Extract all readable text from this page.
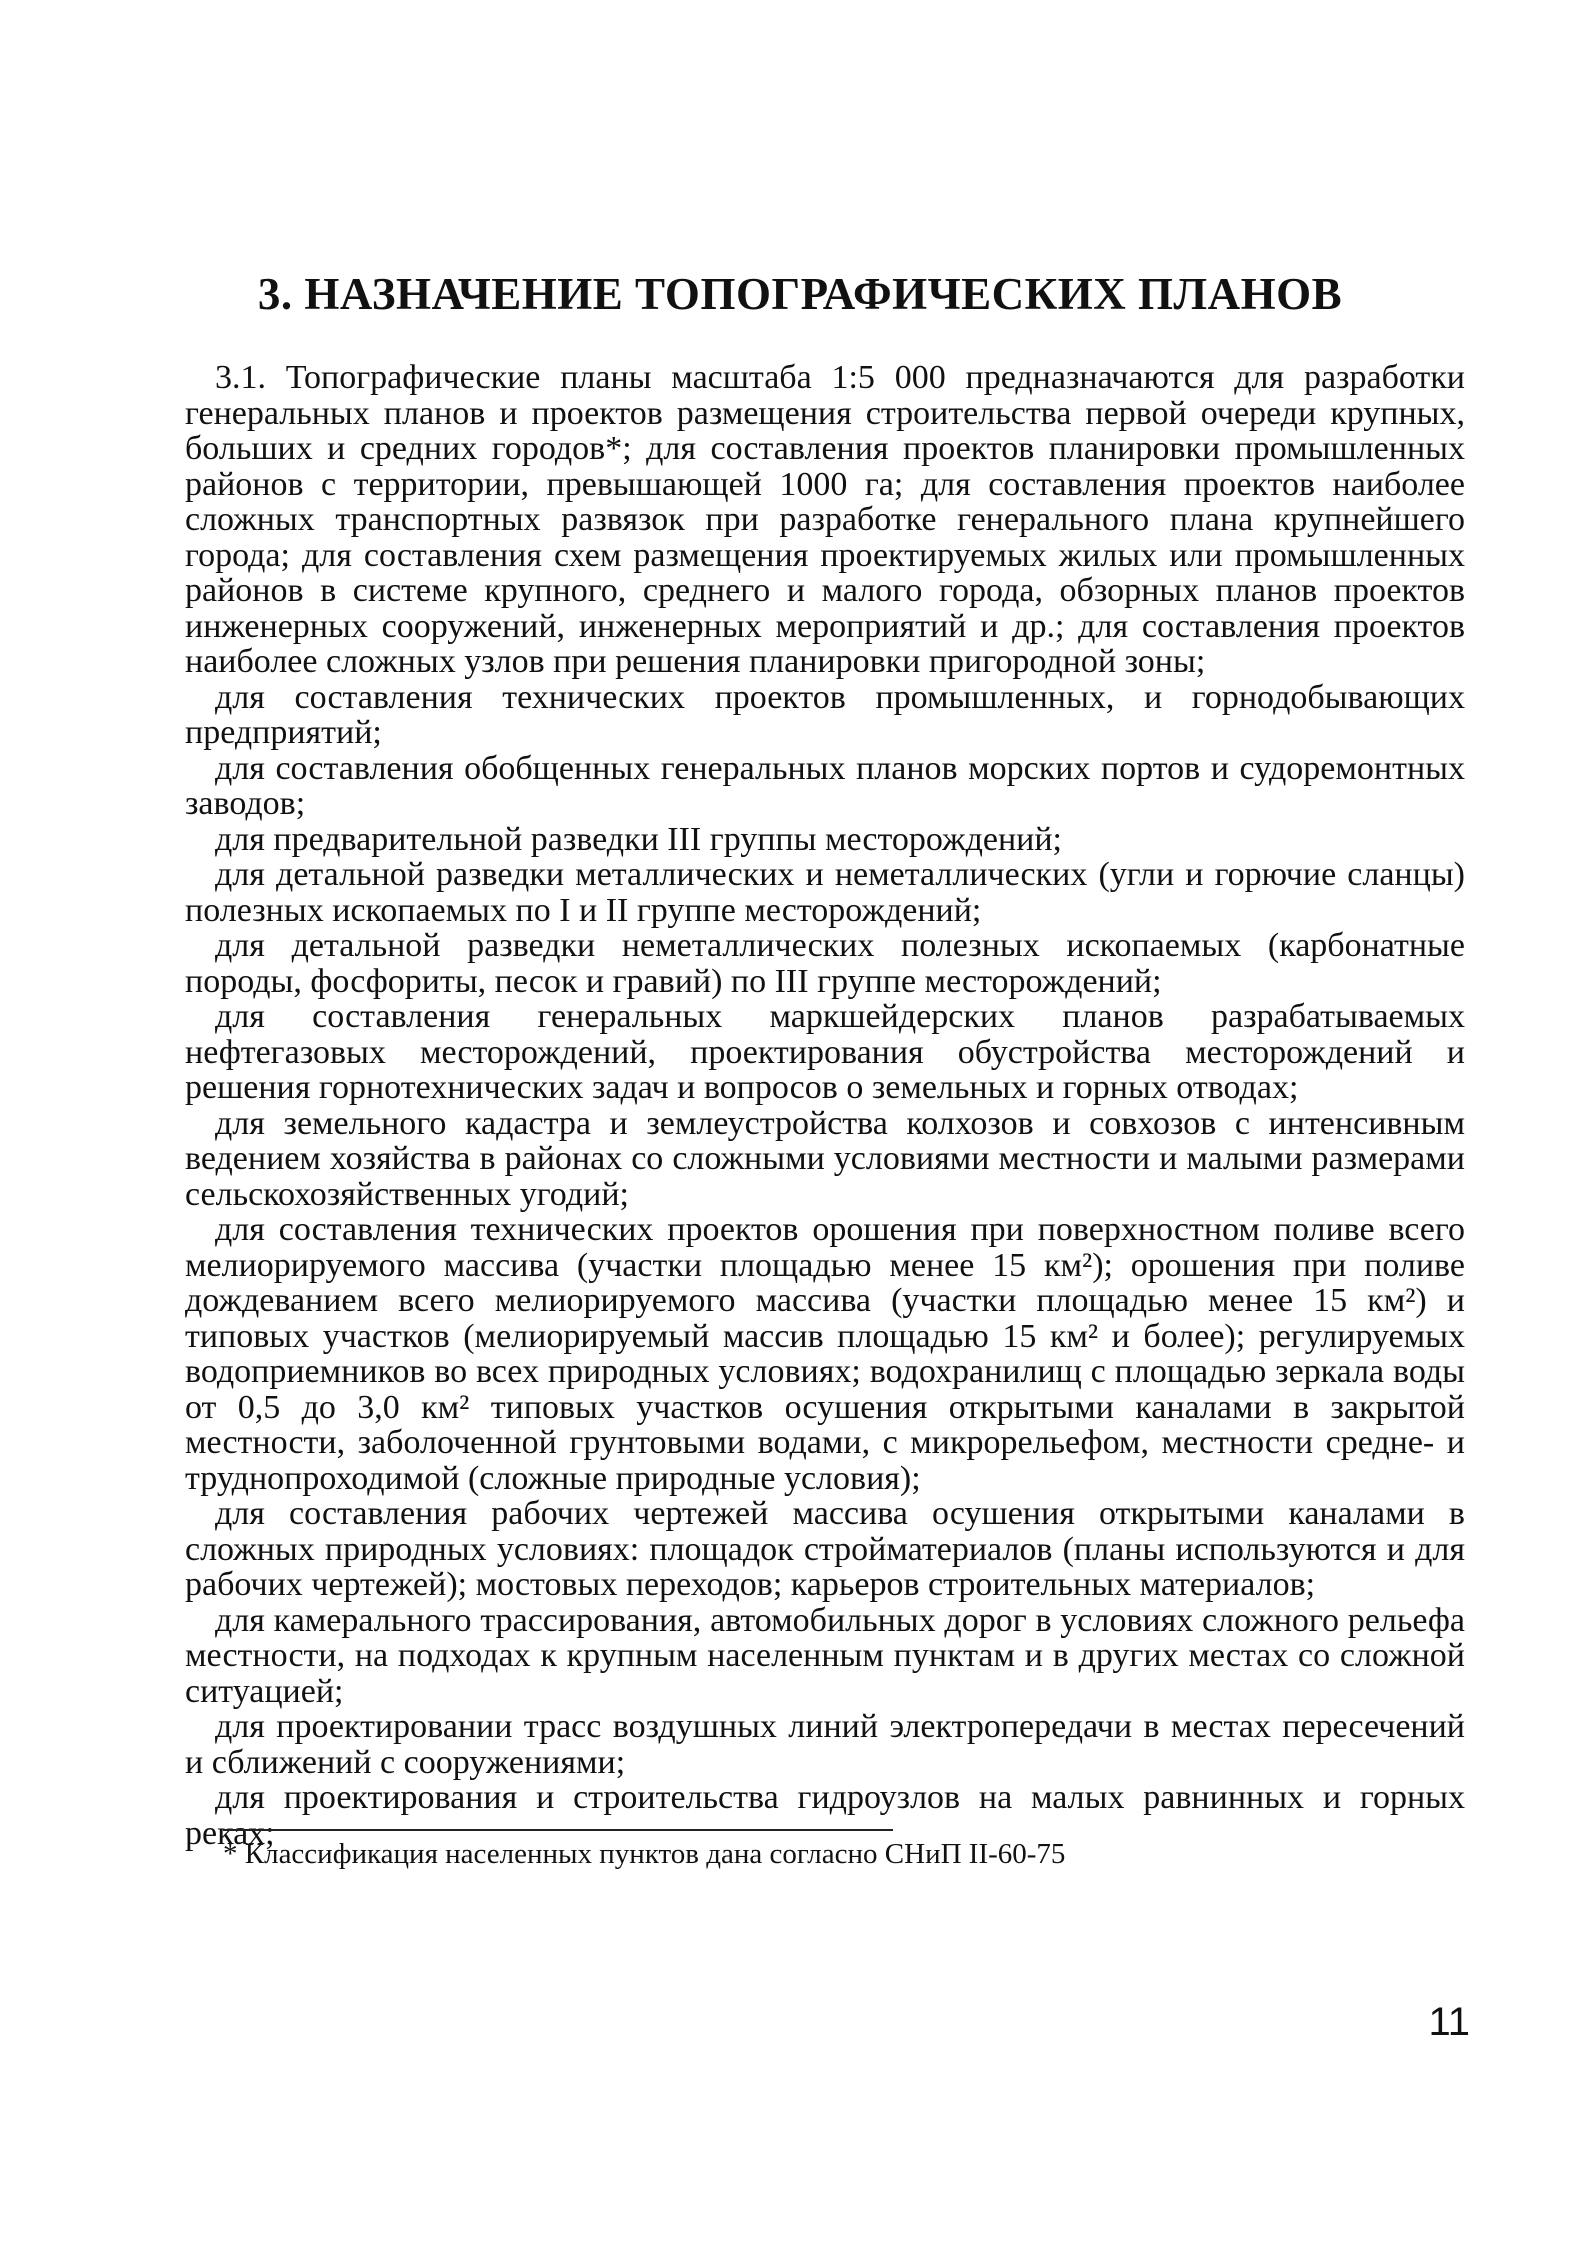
3. НАЗНАЧЕНИЕ ТОПОГРАФИЧЕСКИХ ПЛАНОВ

3.1. Топографические планы масштаба 1:5 000 предназначаются для разработки генеральных планов и проектов размещения строительства первой очереди крупных, больших и средних городов*; для составления проектов планировки промышленных районов с территории, превышающей 1000 га; для составления проектов наиболее сложных транспортных развязок при разработке генерального плана крупнейшего города; для составления схем размещения проектируемых жилых или промышленных районов в системе крупного, среднего и малого города, обзорных планов проектов инженерных сооружений, инженерных мероприятий и др.; для составления проектов наиболее сложных узлов при решения планировки пригородной зоны;

для составления технических проектов промышленных, и горнодобывающих предприятий;

для составления обобщенных генеральных планов морских портов и судоремонтных заводов;

для предварительной разведки III группы месторождений;

для детальной разведки металлических и неметаллических (угли и горючие сланцы) полезных ископаемых по I и II группе месторождений;

для детальной разведки неметаллических полезных ископаемых (карбонатные породы, фосфориты, песок и гравий) по III группе месторождений;

для составления генеральных маркшейдерских планов разрабатываемых нефтегазовых месторождений, проектирования обустройства месторождений и решения горнотехнических задач и вопросов о земельных и горных отводах;

для земельного кадастра и землеустройства колхозов и совхозов с интенсивным ведением хозяйства в районах со сложными условиями местности и малыми размерами сельскохозяйственных угодий;

для составления технических проектов орошения при поверхностном поливе всего мелиорируемого массива (участки площадью менее 15 км²); орошения при поливе дождеванием всего мелиорируемого массива (участки площадью менее 15 км²) и типовых участков (мелиорируемый массив площадью 15 км² и более); регулируемых водоприемников во всех природных условиях; водохранилищ с площадью зеркала воды от 0,5 до 3,0 км² типовых участков осушения открытыми каналами в закрытой местности, заболоченной грунтовыми водами, с микрорельефом, местности средне- и труднопроходимой (сложные природные условия);

для составления рабочих чертежей массива осушения открытыми каналами в сложных природных условиях: площадок стройматериалов (планы используются и для рабочих чертежей); мостовых переходов; карьеров строительных материалов;

для камерального трассирования, автомобильных дорог в условиях сложного рельефа местности, на подходах к крупным населенным пунктам и в других местах со сложной ситуацией;

для проектировании трасс воздушных линий электропередачи в местах пересечений и сближений с сооружениями;

для проектирования и строительства гидроузлов на малых равнинных и горных реках;

* Классификация населенных пунктов дана согласно СНиП II-60-75

11
